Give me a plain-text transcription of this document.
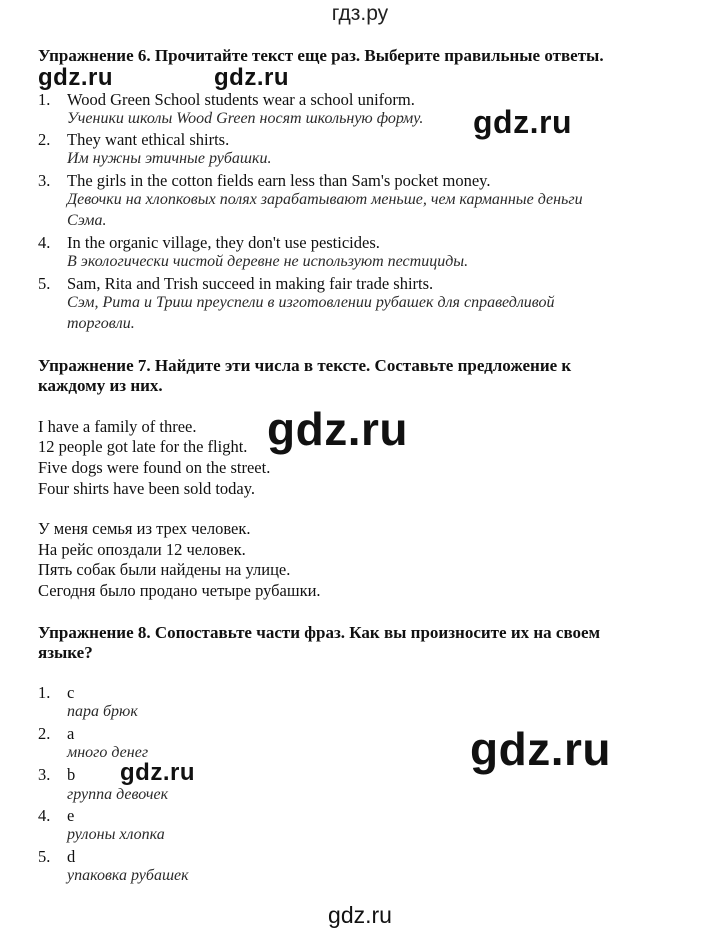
гдз.ру
Упражнение 6. Прочитайте текст еще раз. Выберите правильные ответы.
1. Wood Green School students wear a school uniform.
Ученики школы Wood Green носят школьную форму.
2. They want ethical shirts.
Им нужны этичные рубашки.
3. The girls in the cotton fields earn less than Sam's pocket money.
Девочки на хлопковых полях зарабатывают меньше, чем карманные деньги
Сэма.
4. In the organic village, they don't use pesticides.
В экологически чистой деревне не используют пестициды.
5. Sam, Rita and Trish succeed in making fair trade shirts.
Сэм, Рита и Триш преуспели в изготовлении рубашек для справедливой
торговли.
Упражнение 7. Найдите эти числа в тексте. Составьте предложение к
каждому из них.
I have a family of three.
12 people got late for the flight.
Five dogs were found on the street.
Four shirts have been sold today.
У меня семья из трех человек.
На рейс опоздали 12 человек.
Пять собак были найдены на улице.
Сегодня было продано четыре рубашки.
Упражнение 8. Сопоставьте части фраз. Как вы произносите их на своем
языке?
1. c
пара брюк
2. a
много денег
3. b
группа девочек
4. e
рулоны хлопка
5. d
упаковка рубашек
gdz.ru	gdz.ru
gdz.ru
gdz.ru
gdz.ru
gdz.ru
gdz.ru
